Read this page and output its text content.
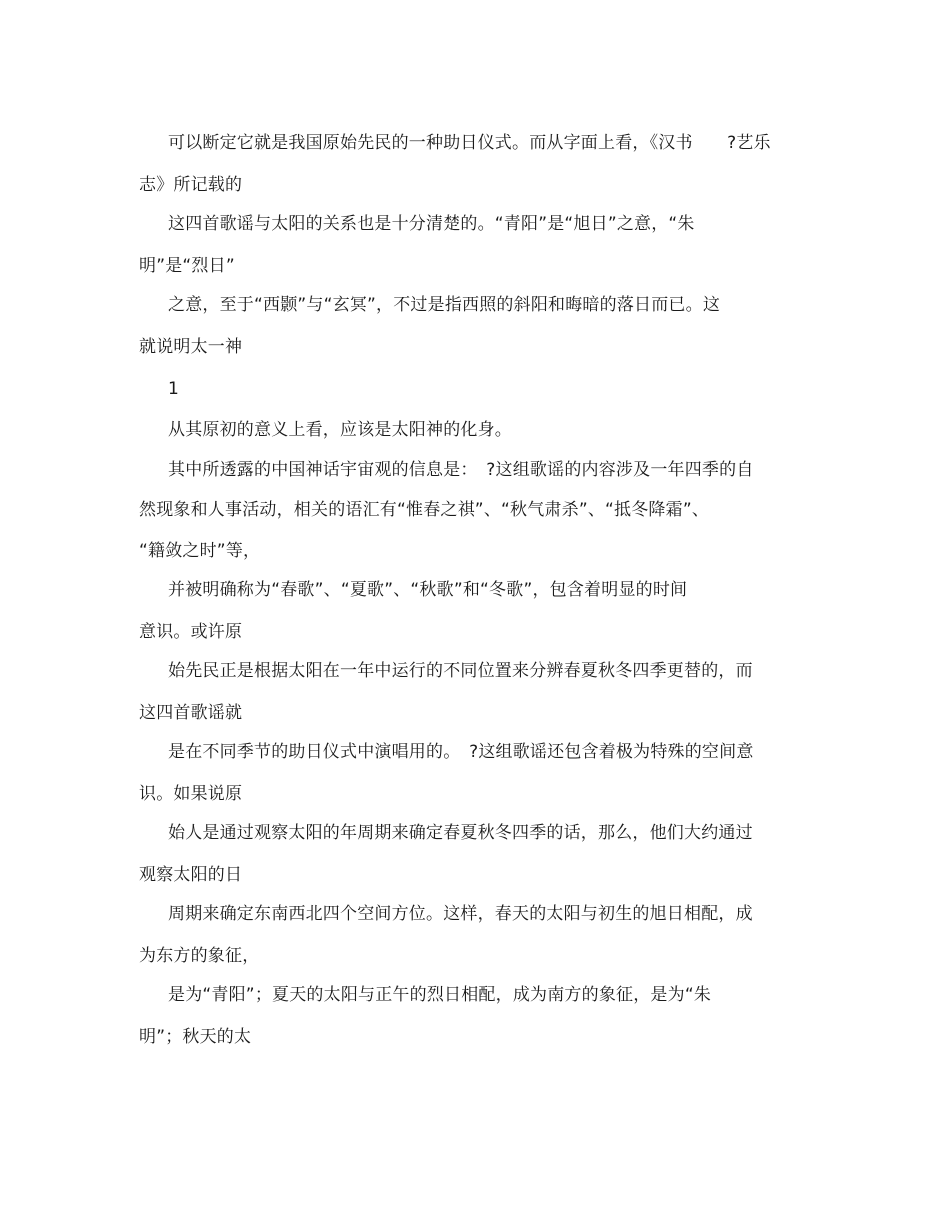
可以断定它就是我国原始先民的一种助日仪式。而从字面上看，《汉书　　?艺乐
志》所记载的
这四首歌谣与太阳的关系也是十分清楚的。“青阳”是“旭日”之意，“朱
明”是“烈日”
之意，至于“西颢”与“玄冥”，不过是指西照的斜阳和晦暗的落日而已。这
就说明太一神
1
从其原初的意义上看，应该是太阳神的化身。
其中所透露的中国神话宇宙观的信息是：　?这组歌谣的内容涉及一年四季的自
然现象和人事活动，相关的语汇有“惟春之祺”、“秋气肃杀”、“抵冬降霜”、
“籍敛之时”等，
并被明确称为“春歌”、“夏歌”、“秋歌”和“冬歌”，包含着明显的时间
意识。或许原
始先民正是根据太阳在一年中运行的不同位置来分辨春夏秋冬四季更替的，而
这四首歌谣就
是在不同季节的助日仪式中演唱用的。　?这组歌谣还包含着极为特殊的空间意
识。如果说原
始人是通过观察太阳的年周期来确定春夏秋冬四季的话，那么，他们大约通过
观察太阳的日
周期来确定东南西北四个空间方位。这样，春天的太阳与初生的旭日相配，成
为东方的象征，
是为“青阳”；夏天的太阳与正午的烈日相配，成为南方的象征，是为“朱
明”；秋天的太
